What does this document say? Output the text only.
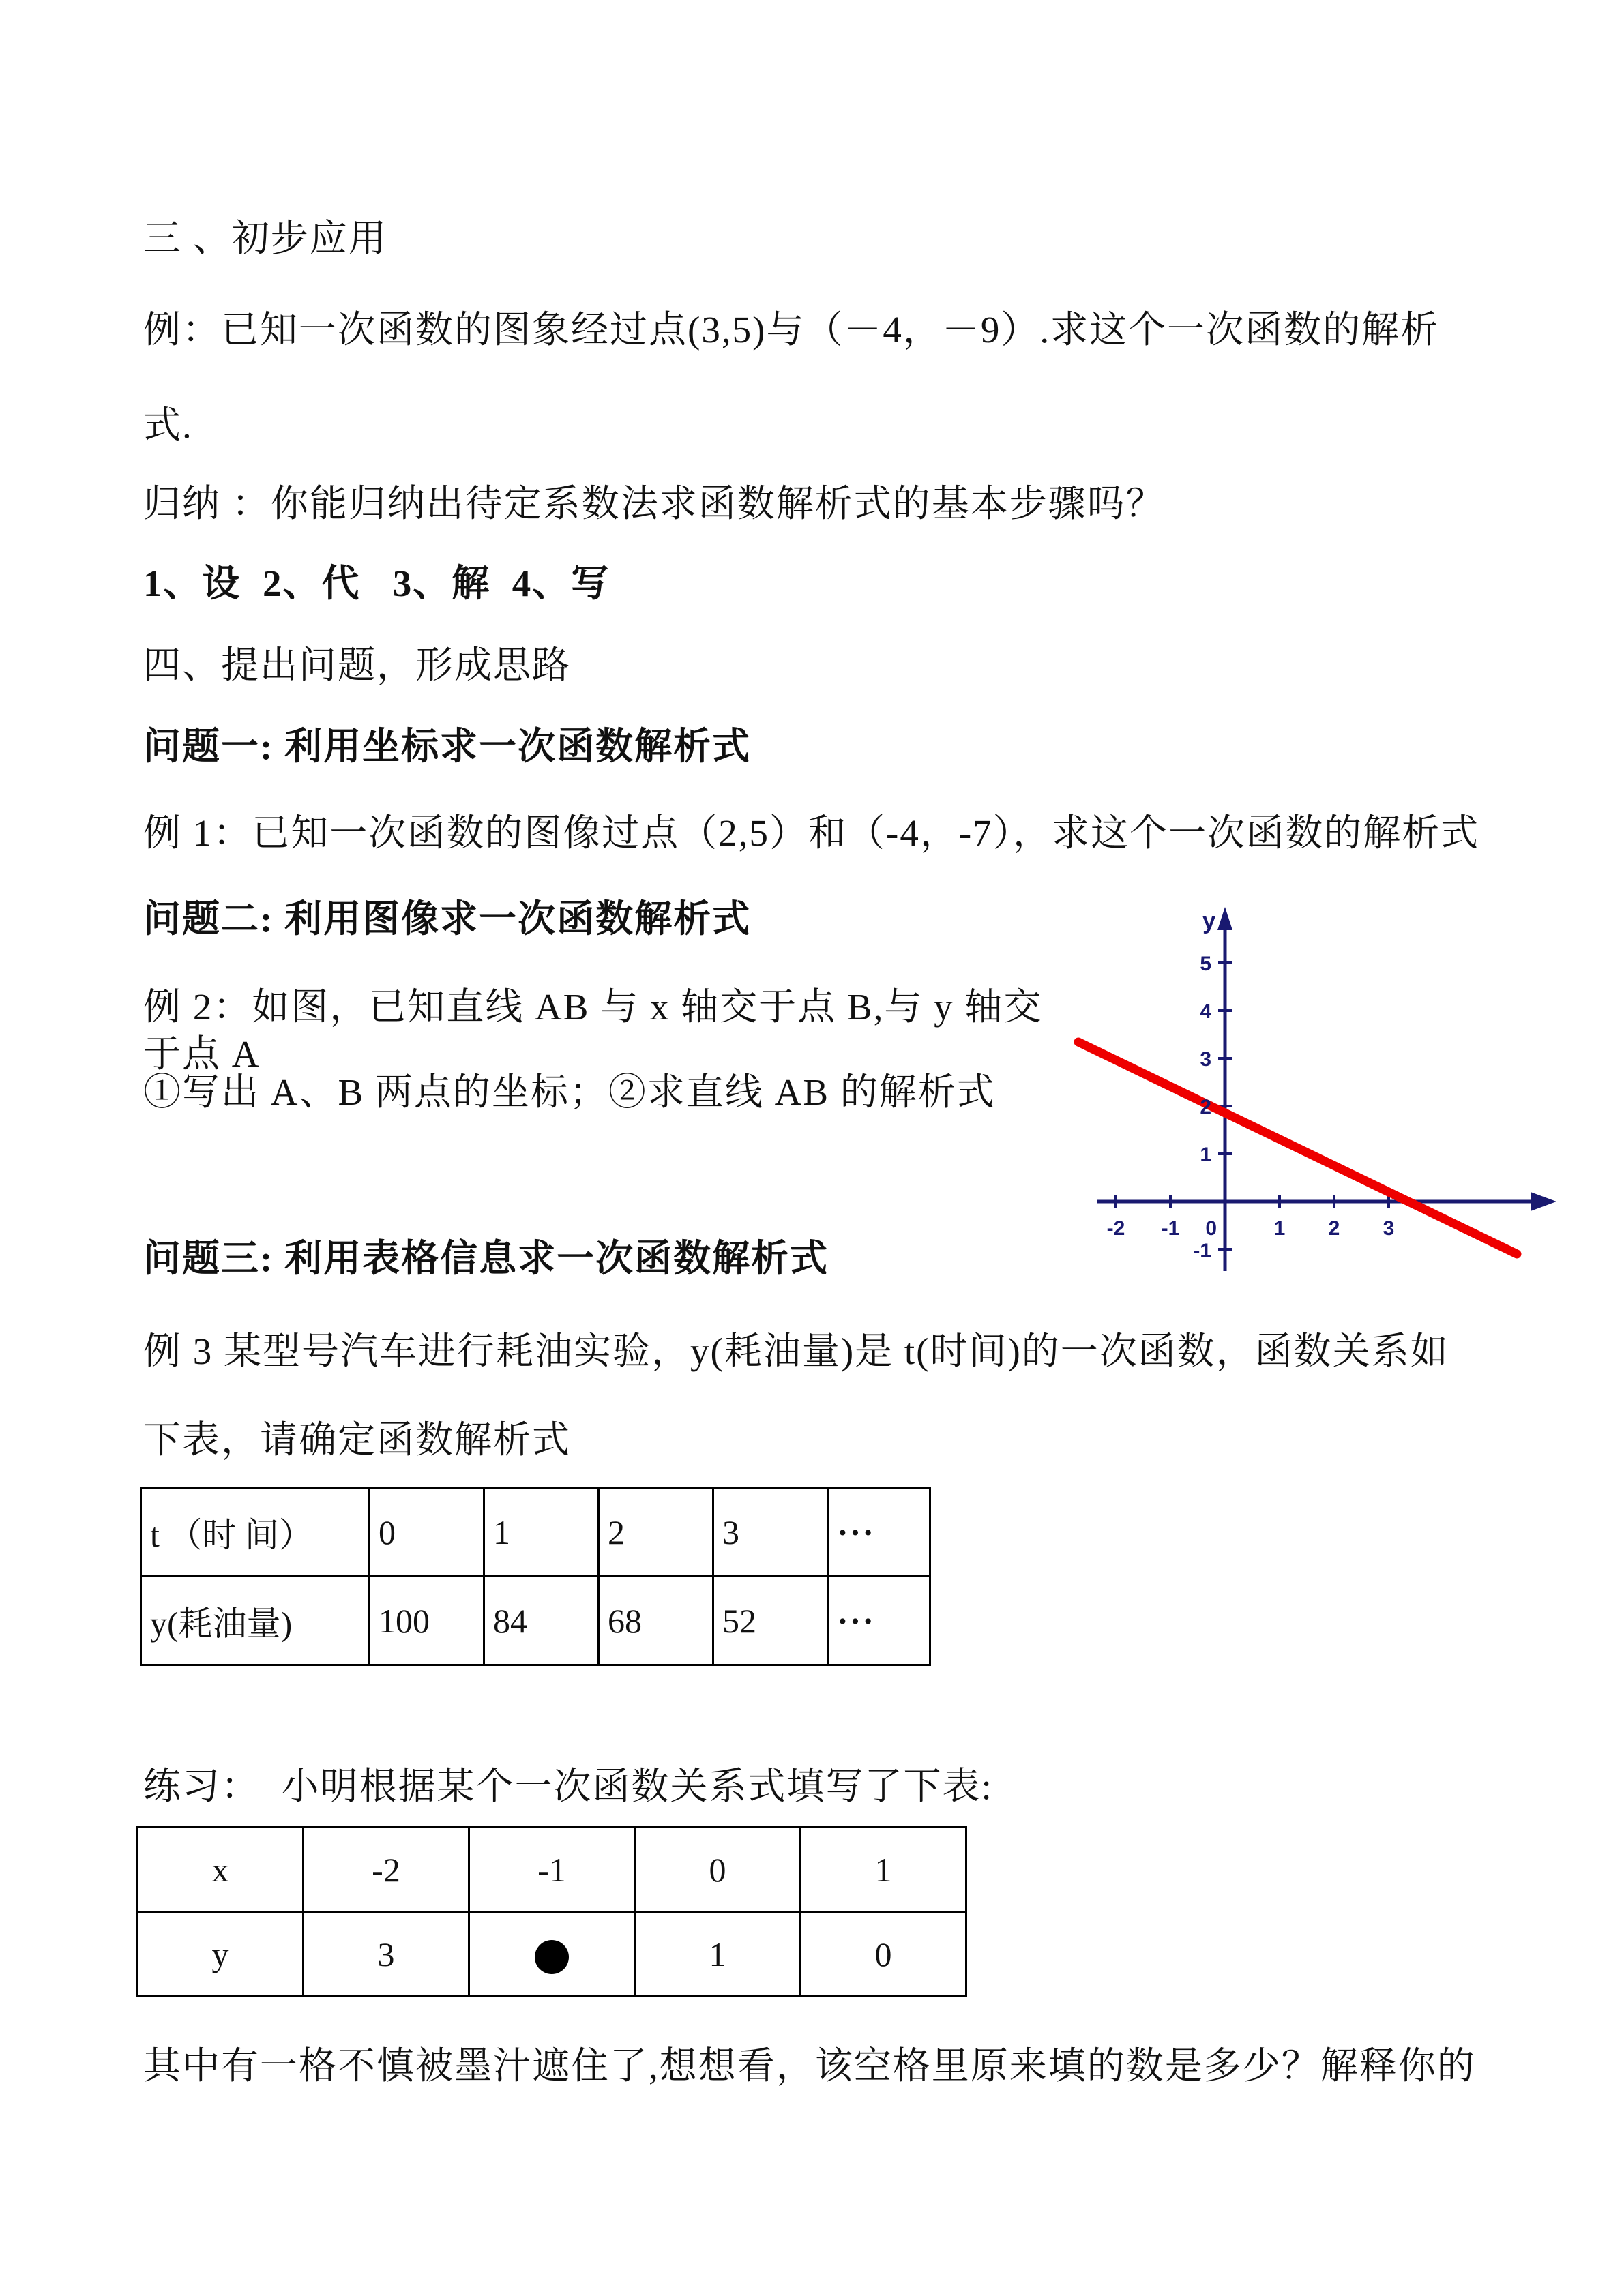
三 、初步应用

例：已知一次函数的图象经过点(3,5)与（－4，－9）.求这个一次函数的解析

式.

归纳 ：你能归纳出待定系数法求函数解析式的基本步骤吗？

1、设  2、代   3、解  4、写

四、提出问题，形成思路

问题一: 利用坐标求一次函数解析式

例 1：已知一次函数的图像过点（2,5）和（-4，-7），求这个一次函数的解析式

问题二: 利用图像求一次函数解析式

例 2：如图，已知直线 AB 与 x 轴交于点 B,与 y 轴交于点 A

①写出 A、B 两点的坐标；②求直线 AB 的解析式

问题三: 利用表格信息求一次函数解析式

例 3 某型号汽车进行耗油实验，y(耗油量)是 t(时间)的一次函数，函数关系如

下表，请确定函数解析式

y
5
4
3
2
1
-1
-2 -1 0	1 2 3
t （时 间）	0	1	2	3	···
y(耗油量)	100	84	68	52	···

练习：  小明根据某个一次函数关系式填写了下表:

x	-2	-1	0	1
y	3		1	0

其中有一格不慎被墨汁遮住了,想想看，该空格里原来填的数是多少？解释你的
